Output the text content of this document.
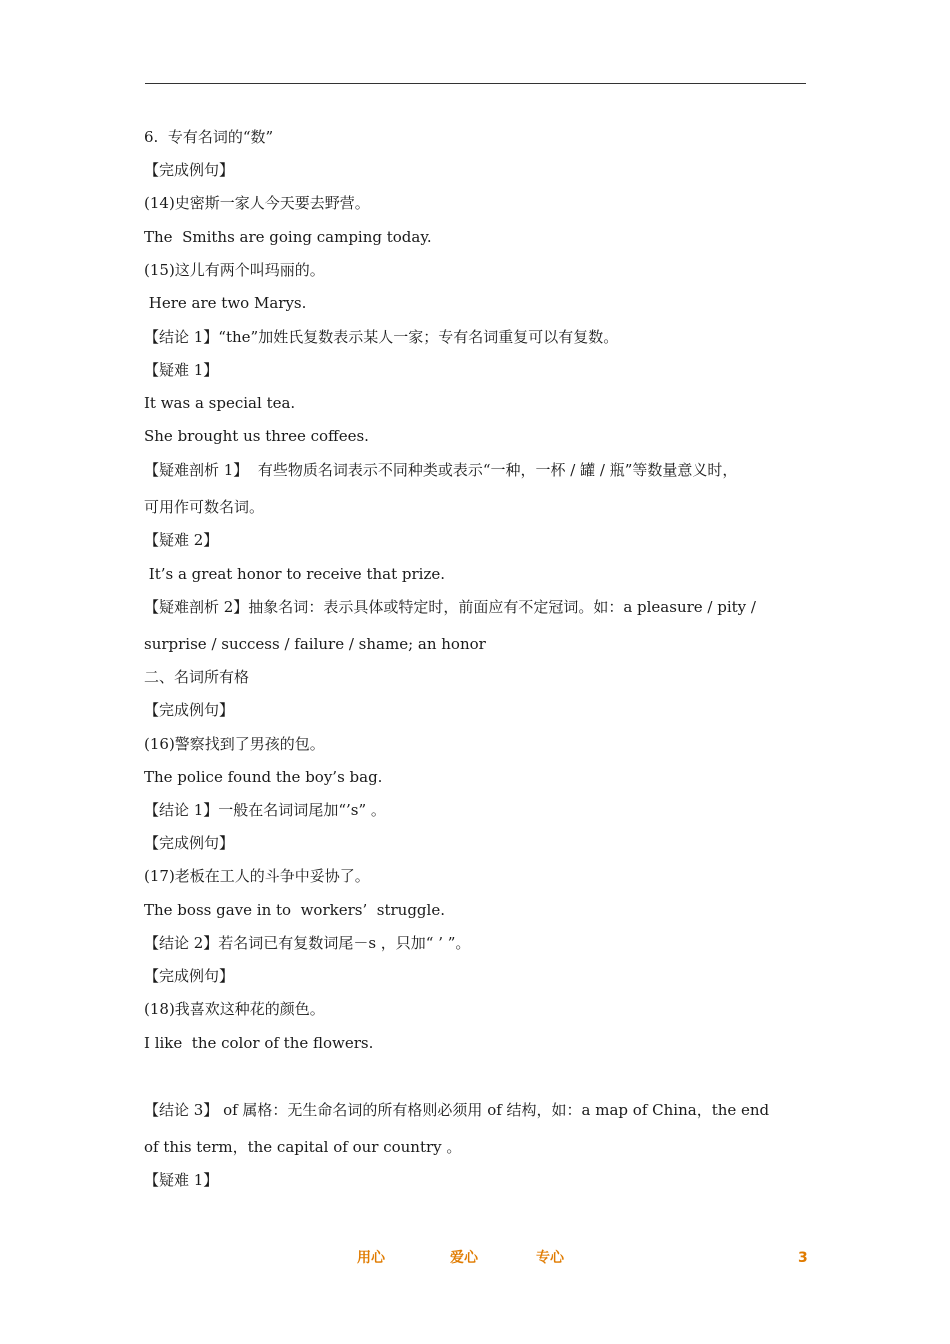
6.  专有名词的“数”
【完成例句】
(14)史密斯一家人今天要去野营。
The  Smiths are going camping today.
(15)这儿有两个叫玛丽的。
Here are two Marys.
【结论 1】“the”加姓氏复数表示某人一家；专有名词重复可以有复数。
【疑难 1】
It was a special tea.
She brought us three coffees.
【疑难剖析 1】  有些物质名词表示不同种类或表示“一种，一杯 / 罐 / 瓶”等数量意义时，
可用作可数名词。
【疑难 2】
It’s a great honor to receive that prize.
【疑难剖析 2】抽象名词：表示具体或特定时，前面应有不定冠词。如：a pleasure / pity /
surprise / success / failure / shame; an honor
二、名词所有格
【完成例句】
(16)警察找到了男孩的包。
The police found the boy’s bag.
【结论 1】一般在名词词尾加“’s” 。
【完成例句】
(17)老板在工人的斗争中妥协了。
The boss gave in to  workers’  struggle.
【结论 2】若名词已有复数词尾－s ，只加“ ’ ”。
【完成例句】
(18)我喜欢这种花的颜色。
I like  the color of the flowers.
【结论 3】 of 属格：无生命名词的所有格则必须用 of 结构，如：a map of China，the end
of this term，the capital of our country 。
【疑难 1】
用心	爱心	专心	3
